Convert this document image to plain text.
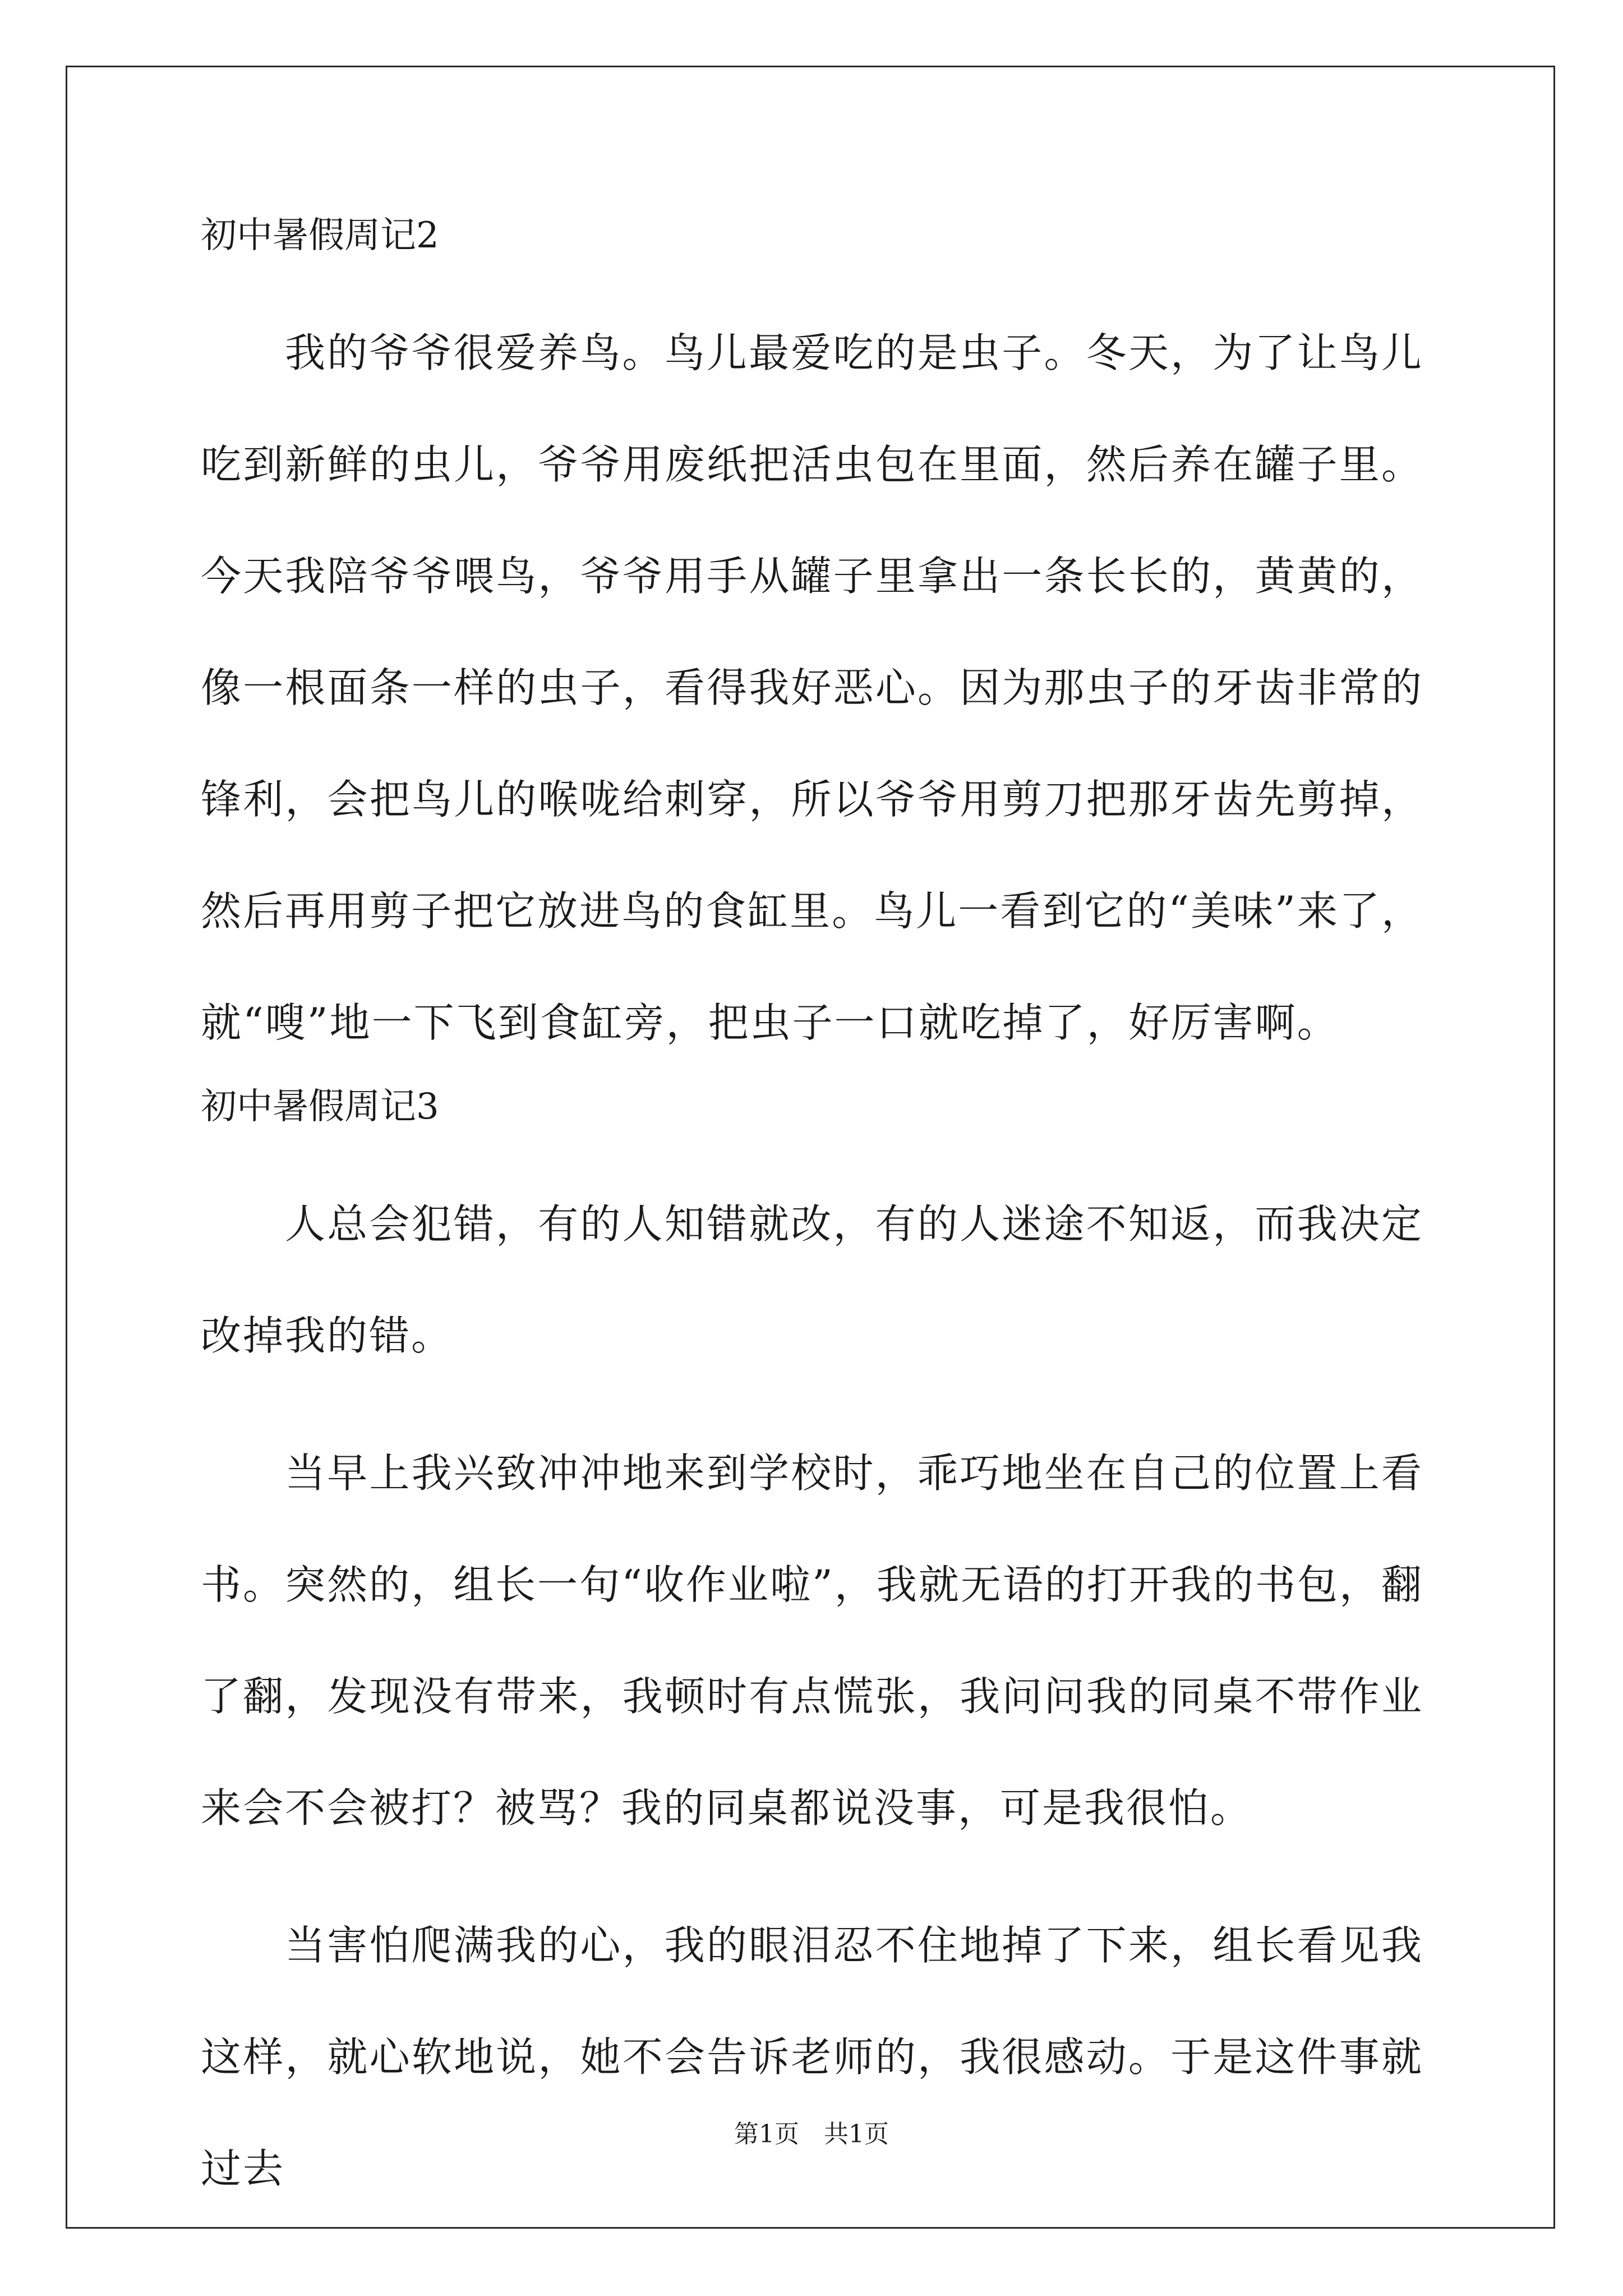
初中暑假周记2

我的爷爷很爱养鸟。鸟儿最爱吃的是虫子。冬天，为了让鸟儿吃到新鲜的虫儿，爷爷用废纸把活虫包在里面，然后养在罐子里。今天我陪爷爷喂鸟，爷爷用手从罐子里拿出一条长长的，黄黄的，像一根面条一样的虫子，看得我好恶心。因为那虫子的牙齿非常的锋利，会把鸟儿的喉咙给刺穿，所以爷爷用剪刀把那牙齿先剪掉，然后再用剪子把它放进鸟的食缸里。鸟儿一看到它的“美味”来了，就“嗖”地一下飞到食缸旁，把虫子一口就吃掉了，好厉害啊。

初中暑假周记3

人总会犯错，有的人知错就改，有的人迷途不知返，而我决定改掉我的错。

当早上我兴致冲冲地来到学校时，乖巧地坐在自己的位置上看书。突然的，组长一句“收作业啦”，我就无语的打开我的书包，翻了翻，发现没有带来，我顿时有点慌张，我问问我的同桌不带作业来会不会被打？被骂？我的同桌都说没事，可是我很怕。

当害怕爬满我的心，我的眼泪忍不住地掉了下来，组长看见我这样，就心软地说，她不会告诉老师的，我很感动。于是这件事就过去

第1页　共1页
